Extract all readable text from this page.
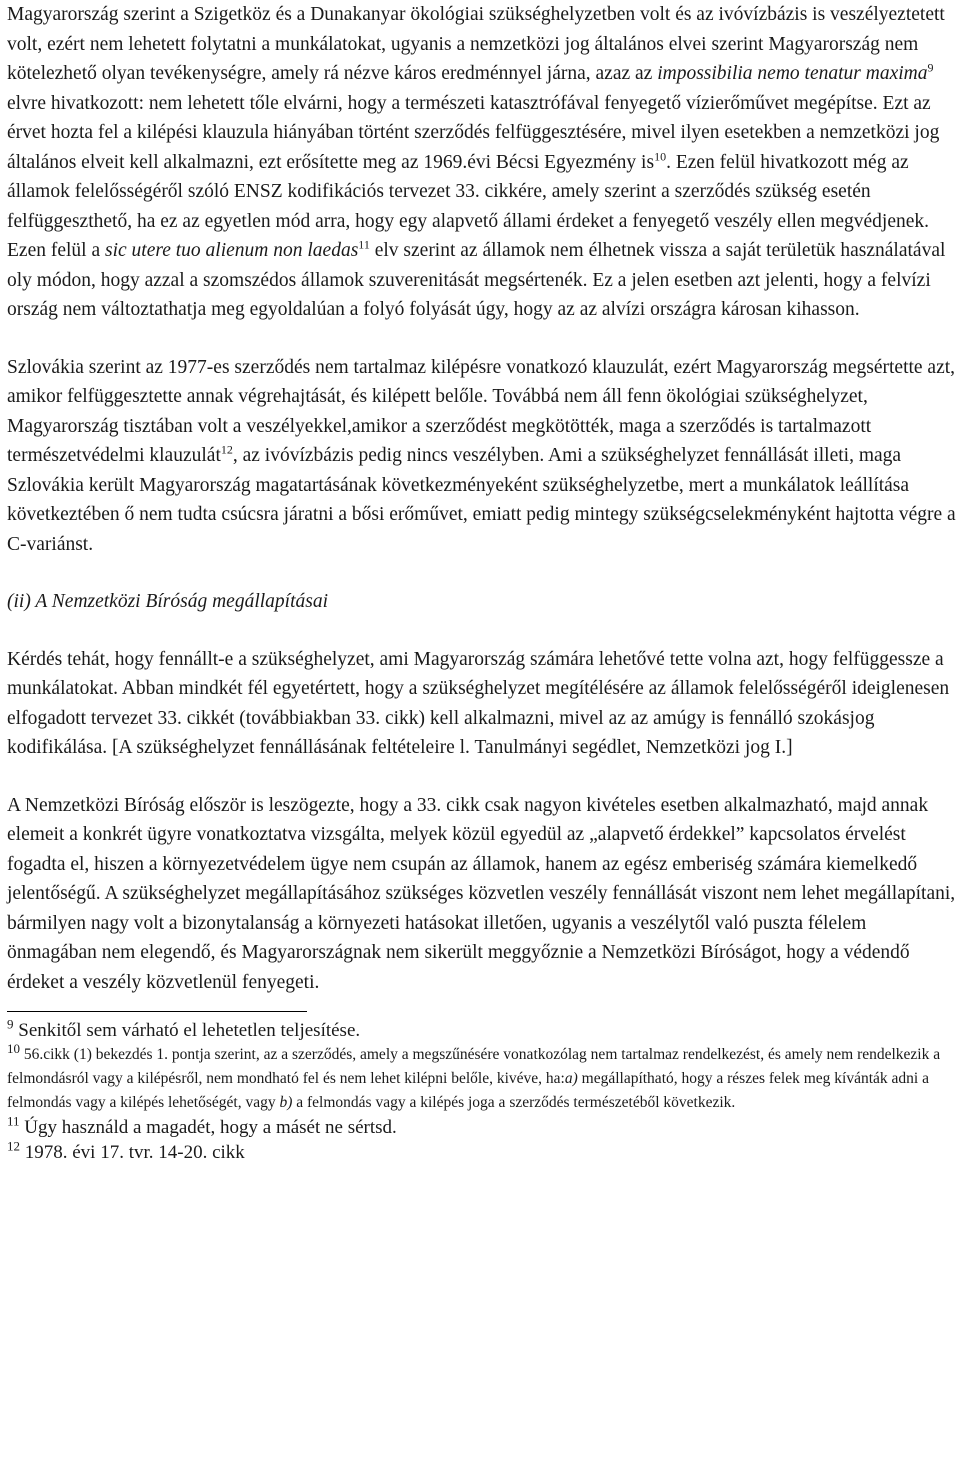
Magyarország szerint a Szigetköz és a Dunakanyar ökológiai szükséghelyzetben volt és az ivóvízbázis is veszélyeztetett volt, ezért nem lehetett folytatni a munkálatokat, ugyanis a nemzetközi jog általános elvei szerint Magyarország nem kötelezhető olyan tevékenységre, amely rá nézve káros eredménnyel járna, azaz az impossibilia nemo tenatur maxima$^9$ elvre hivatkozott: nem lehetett tőle elvárni, hogy a természeti katasztrófával fenyegető vízierőművet megépítse. Ezt az érvet hozta fel a kilépési klauzula hiányában történt szerződés felfüggesztésére, mivel ilyen esetekben a nemzetközi jog általános elveit kell alkalmazni, ezt erősítette meg az 1969.évi Bécsi Egyezmény $is^{10}$. Ezen felül hivatkozott még az államok felelősségéről szóló ENSZ kodifikációs tervezet 33. cikkére, amely szerint a szerződés szükség esetén felfüggeszthető, ha ez az egyetlen mód arra, hogy egy alapvető állami érdeket a fenyegető veszély ellen megvédjenek. Ezen felül a sic utere tuo alienum non laedas$^{11}$ elv szerint az államok nem élhetnek vissza a saját területük használatával oly módon, hogy azzal a szomszédos államok szuverenitását megsértenék. Ez a jelen esetben azt jelenti, hogy a felvízi ország nem változtathatja meg egyoldalúan a folyó folyását úgy, hogy az az alvízi országra károsan kihasson.

Szlovákia szerint az 1977-es szerződés nem tartalmaz kilépésre vonatkozó klauzulát, ezért Magyarország megsértette azt, amikor felfüggesztette annak végrehajtását, és kilépett belőle. Továbbá nem áll fenn ökológiai szükséghelyzet, Magyarország tisztában volt a veszélyekkel,amikor a szerződést megkötötték, maga a szerződés is tartalmazott természetvédelmi klauzulát$^{12}$, az ivóvízbázis pedig nincs veszélyben. Ami a szükséghelyzet fennállását illeti, maga Szlovákia került Magyarország magatartásának következményeként szükséghelyzetbe, mert a munkálatok leállítása következtében ő nem tudta csúcsra járatni a bősi erőművet, emiatt pedig mintegy szükségcselekményként hajtotta végre a C-variánst.

(ii) A Nemzetközi Bíróság megállapításai

Kérdés tehát, hogy fennállt-e a szükséghelyzet, ami Magyarország számára lehetővé tette volna azt, hogy felfüggessze a munkálatokat. Abban mindkét fél egyetértett, hogy a szükséghelyzet megítélésére az államok felelősségéről ideiglenesen elfogadott tervezet 33. cikkét (továbbiakban 33. cikk) kell alkalmazni, mivel az az amúgy is fennálló szokásjog kodifikálása. [A szükséghelyzet fennállásának feltételeire l. Tanulmányi segédlet, Nemzetközi jog I.]

A Nemzetközi Bíróság először is leszögezte, hogy a 33. cikk csak nagyon kivételes esetben alkalmazható, majd annak elemeit a konkrét ügyre vonatkoztatva vizsgálta, melyek közül egyedül az „alapvető érdekkel” kapcsolatos érvelést fogadta el, hiszen a környezetvédelem ügye nem csupán az államok, hanem az egész emberiség számára kiemelkedő jelentőségű. A szükséghelyzet megállapításához szükséges közvetlen veszély fennállását viszont nem lehet megállapítani, bármilyen nagy volt a bizonytalanság a környezeti hatásokat illetően, ugyanis a veszélytől való puszta félelem önmagában nem elegendő, és Magyarországnak nem sikerült meggyőznie a Nemzetközi Bíróságot, hogy a védendő érdeket a veszély közvetlenül fenyegeti.

$^9$ Senkitől sem várható el lehetetlen teljesítése.

$^{10}$ 56.cikk (1) bekezdés 1. pontja szerint, az a szerződés, amely a megszűnésére vonatkozólag nem tartalmaz rendelkezést, és amely nem rendelkezik a felmondásról vagy a kilépésről, nem mondható fel és nem lehet kilépni belőle, kivéve, ha:a) megállapítható, hogy a részes felek meg kívánták adni a felmondás vagy a kilépés lehetőségét, vagy b) a felmondás vagy a kilépés joga a szerződés természetéből következik.

$^{11}$ Úgy használd a magadét, hogy a másét ne sértsd.

$^{12}$ 1978. évi 17. tvr. 14-20. cikk
